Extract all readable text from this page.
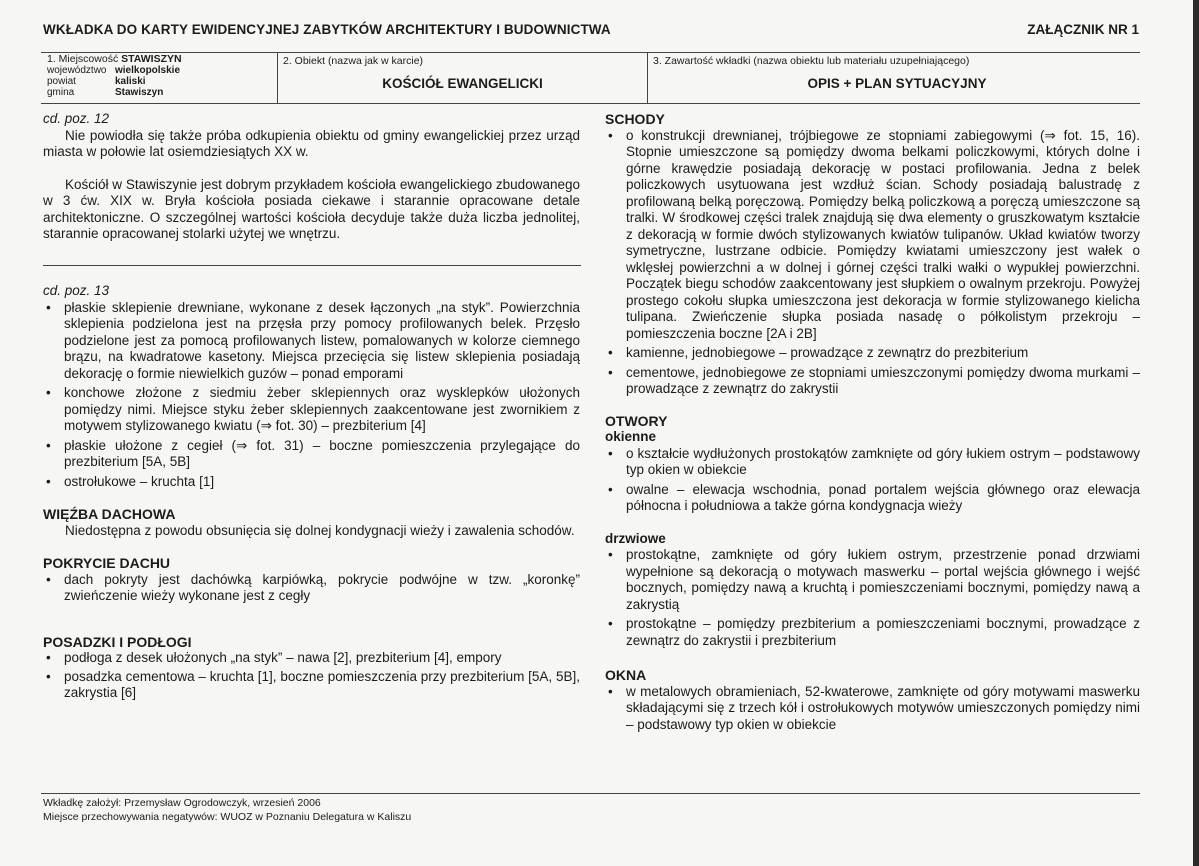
WKŁADKA DO KARTY EWIDENCYJNEJ ZABYTKÓW ARCHITEKTURY I BUDOWNICTWA	ZAŁĄCZNIK NR 1
1. Miejscowość STAWISZYN
województwo wielkopolskie
powiat	kaliski
gmina	Stawiszyn
2. Obiekt (nazwa jak w karcie)
KOŚCIÓŁ EWANGELICKI
3. Zawartość wkładki (nazwa obiektu lub materiału uzupełniającego)
OPIS + PLAN SYTUACYJNY

cd. poz. 12

Nie powiodła się także próba odkupienia obiektu od gminy ewangelickiej przez urząd miasta w połowie lat osiemdziesiątych XX w.

Kościół w Stawiszynie jest dobrym przykładem kościoła ewangelickiego zbudowanego w 3 ćw. XIX w. Bryła kościoła posiada ciekawe i starannie opracowane detale architektoniczne. O szczególnej wartości kościoła decyduje także duża liczba jednolitej, starannie opracowanej stolarki użytej we wnętrzu.

cd. poz. 13

• płaskie sklepienie drewniane, wykonane z desek łączonych „na styk”. Powierzchnia sklepienia podzielona jest na przęsła przy pomocy profilowanych belek. Przęsło podzielone jest za pomocą profilowanych listew, pomalowanych w kolorze ciemnego brązu, na kwadratowe kasetony. Miejsca przecięcia się listew sklepienia posiadają dekorację o formie niewielkich guzów – ponad emporami
• konchowe złożone z siedmiu żeber sklepiennych oraz wysklepków ułożonych pomiędzy nimi. Miejsce styku żeber sklepiennych zaakcentowane jest zwornikiem z motywem stylizowanego kwiatu (⇒ fot. 30) – prezbiterium [4]
• płaskie ułożone z cegieł (⇒ fot. 31) – boczne pomieszczenia przylegające do prezbiterium [5A, 5B]
• ostrołukowe – kruchta [1]

WIĘŹBA DACHOWA

Niedostępna z powodu obsunięcia się dolnej kondygnacji wieży i zawalenia schodów.

POKRYCIE DACHU

• dach pokryty jest dachówką karpiówką, pokrycie podwójne w tzw. „koronkę” zwieńczenie wieży wykonane jest z cegły

POSADZKI I PODŁOGI

• podłoga z desek ułożonych „na styk” – nawa [2], prezbiterium [4], empory
• posadzka cementowa – kruchta [1], boczne pomieszczenia przy prezbiterium [5A, 5B], zakrystia [6]

SCHODY

• o konstrukcji drewnianej, trójbiegowe ze stopniami zabiegowymi (⇒ fot. 15, 16). Stopnie umieszczone są pomiędzy dwoma belkami policzkowymi, których dolne i górne krawędzie posiadają dekorację w postaci profilowania. Jedna z belek policzkowych usytuowana jest wzdłuż ścian. Schody posiadają balustradę z profilowaną belką poręczową. Pomiędzy belką policzkową a poręczą umieszczone są tralki. W środkowej części tralek znajdują się dwa elementy o gruszkowatym kształcie z dekoracją w formie dwóch stylizowanych kwiatów tulipanów. Układ kwiatów tworzy symetryczne, lustrzane odbicie. Pomiędzy kwiatami umieszczony jest wałek o wklęsłej powierzchni a w dolnej i górnej części tralki wałki o wypukłej powierzchni. Początek biegu schodów zaakcentowany jest słupkiem o owalnym przekroju. Powyżej prostego cokołu słupka umieszczona jest dekoracja w formie stylizowanego kielicha tulipana. Zwieńczenie słupka posiada nasadę o półkolistym przekroju – pomieszczenia boczne [2A i 2B]
• kamienne, jednobiegowe – prowadzące z zewnątrz do prezbiterium
• cementowe, jednobiegowe ze stopniami umieszczonymi pomiędzy dwoma murkami – prowadzące z zewnątrz do zakrystii

OTWORY

okienne

• o kształcie wydłużonych prostokątów zamknięte od góry łukiem ostrym – podstawowy typ okien w obiekcie
• owalne – elewacja wschodnia, ponad portalem wejścia głównego oraz elewacja północna i południowa a także górna kondygnacja wieży

drzwiowe

• prostokątne, zamknięte od góry łukiem ostrym, przestrzenie ponad drzwiami wypełnione są dekoracją o motywach maswerku – portal wejścia głównego i wejść bocznych, pomiędzy nawą a kruchtą i pomieszczeniami bocznymi, pomiędzy nawą a zakrystią
• prostokątne – pomiędzy prezbiterium a pomieszczeniami bocznymi, prowadzące z zewnątrz do zakrystii i prezbiterium

OKNA

• w metalowych obramieniach, 52-kwaterowe, zamknięte od góry motywami maswerku składającymi się z trzech kół i ostrołukowych motywów umieszczonych pomiędzy nimi – podstawowy typ okien w obiekcie
Wkładkę założył: Przemysław Ogrodowczyk, wrzesień 2006
Miejsce przechowywania negatywów: WUOZ w Poznaniu Delegatura w Kaliszu
